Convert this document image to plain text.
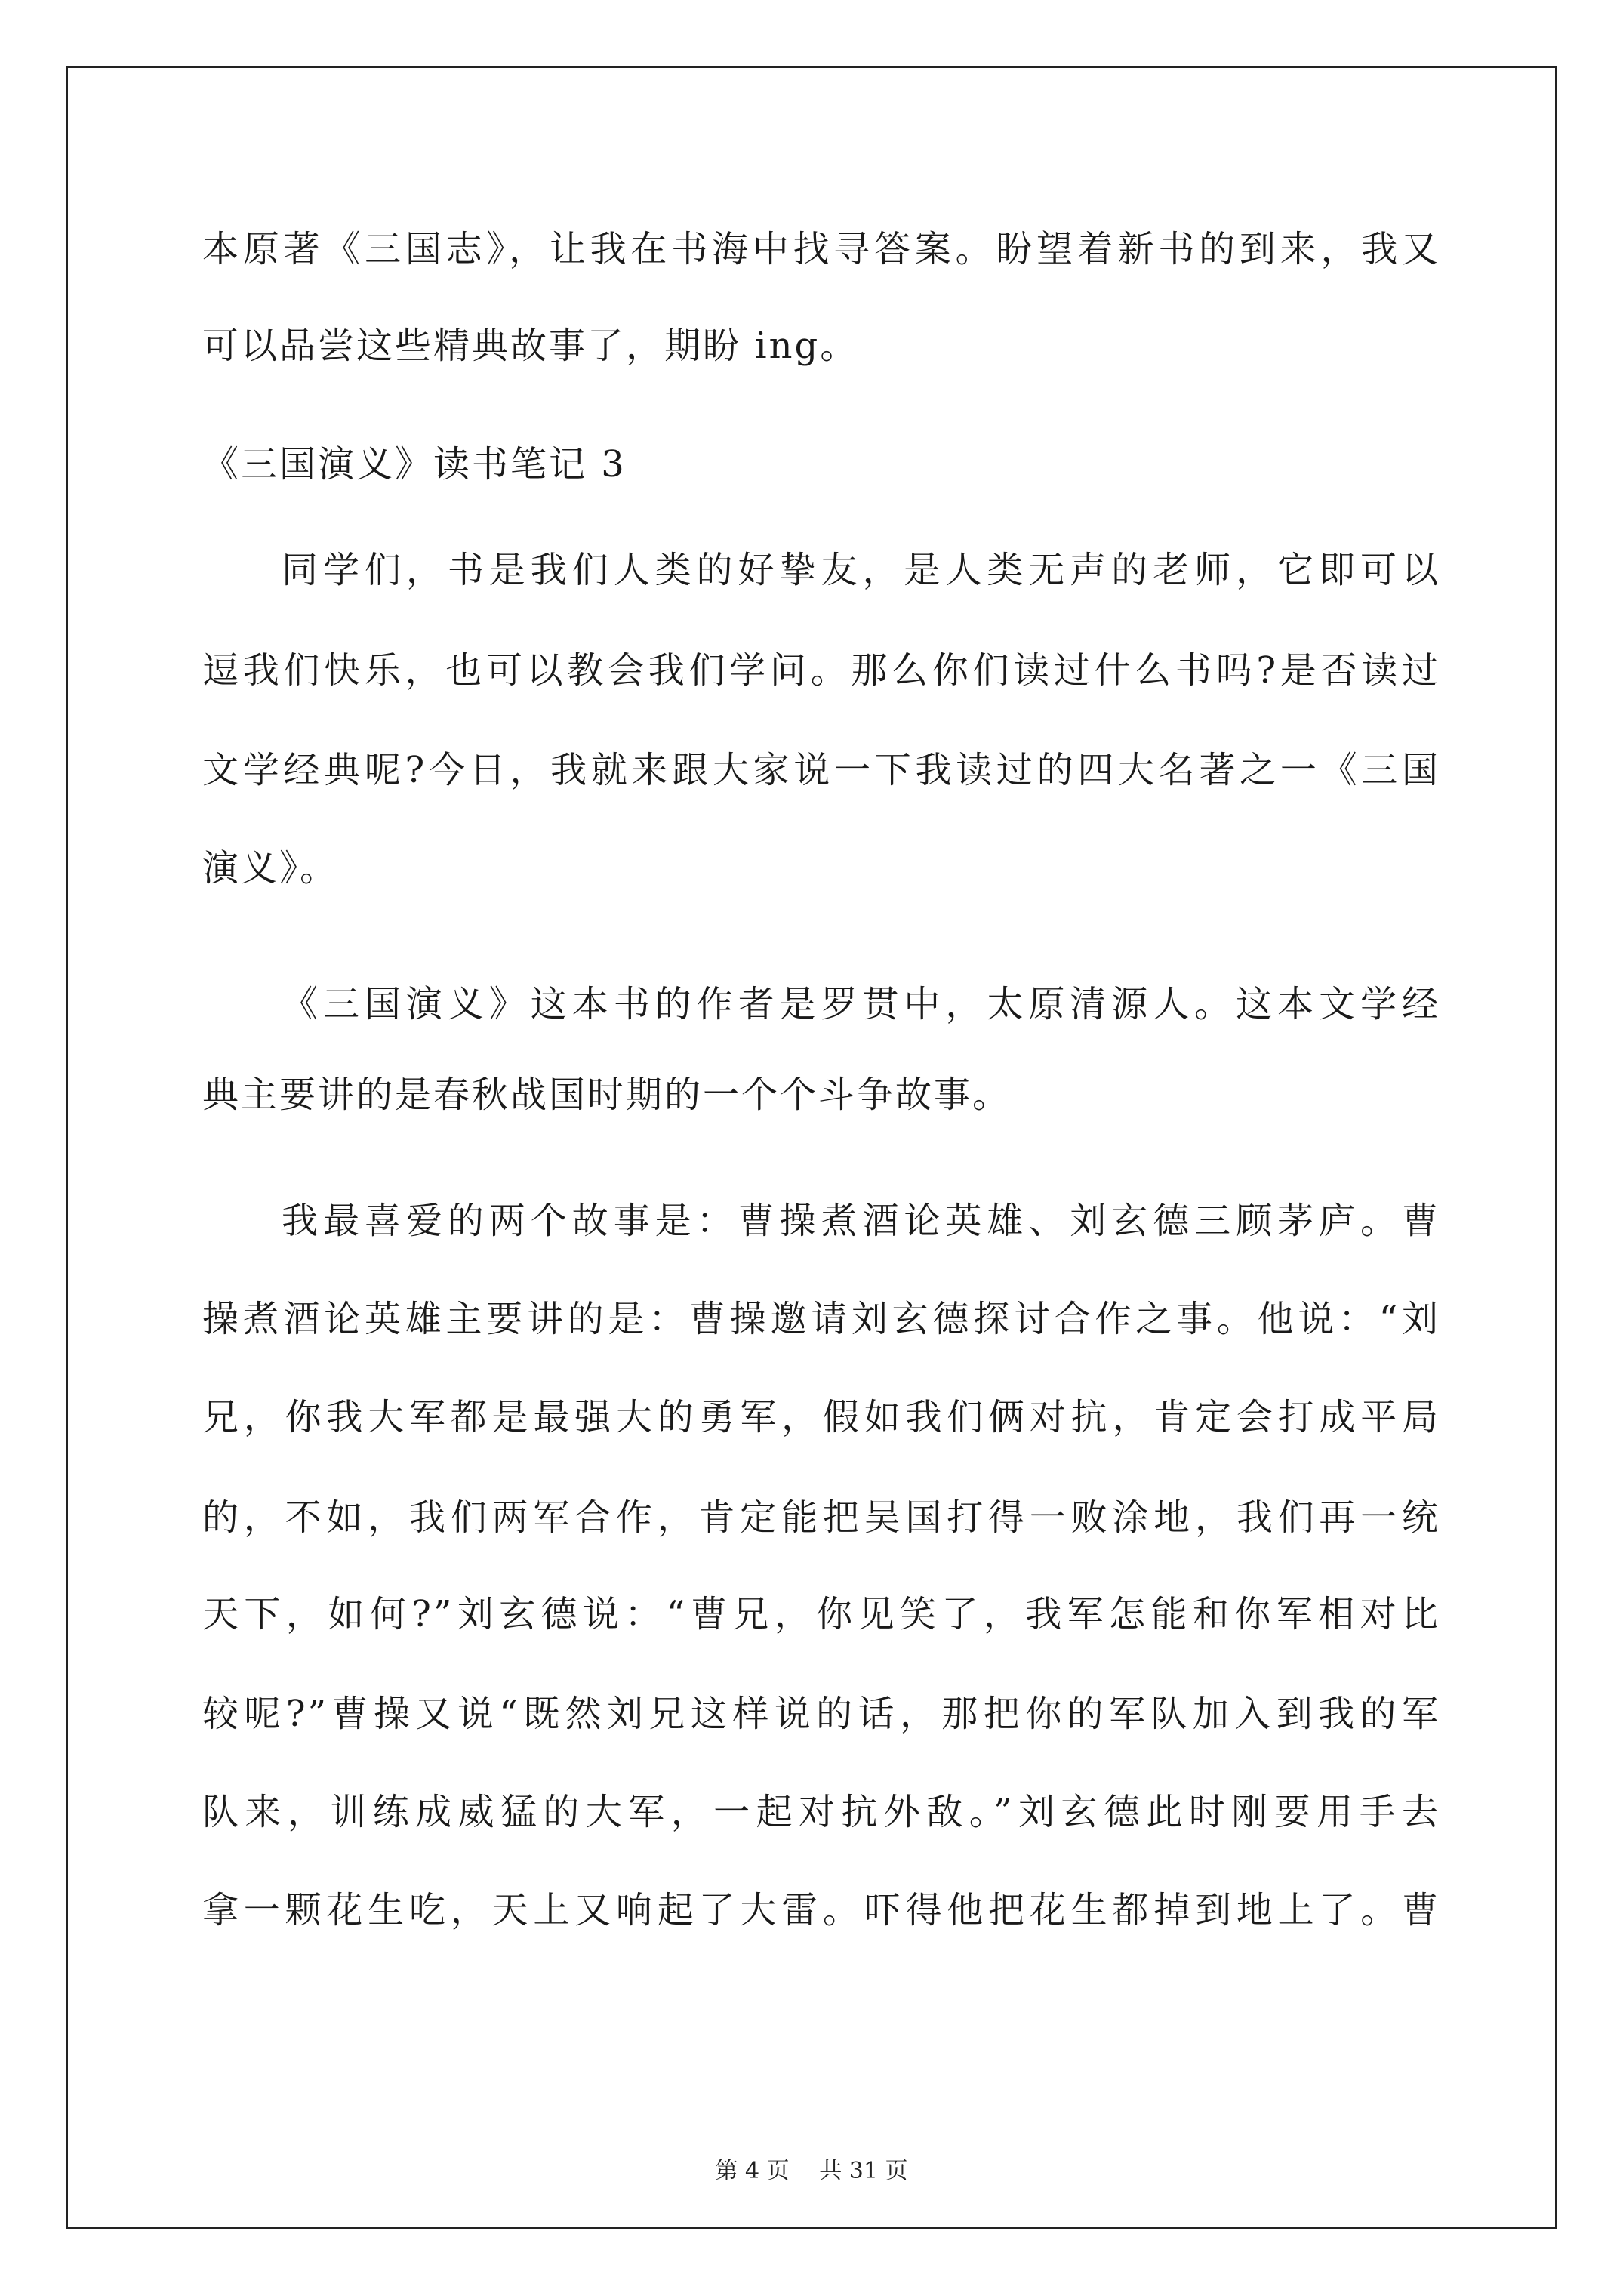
本原著《三国志》，让我在书海中找寻答案。盼望着新书的到来，我又
可以品尝这些精典故事了，期盼 ing。
《三国演义》读书笔记 3
同学们，书是我们人类的好挚友，是人类无声的老师，它即可以
逗我们快乐，也可以教会我们学问。那么你们读过什么书吗?是否读过
文学经典呢?今日，我就来跟大家说一下我读过的四大名著之一《三国
演义》。
《三国演义》这本书的作者是罗贯中，太原清源人。这本文学经
典主要讲的是春秋战国时期的一个个斗争故事。
我最喜爱的两个故事是：曹操煮酒论英雄、刘玄德三顾茅庐。曹
操煮酒论英雄主要讲的是：曹操邀请刘玄德探讨合作之事。他说：“刘
兄，你我大军都是最强大的勇军，假如我们俩对抗，肯定会打成平局
的，不如，我们两军合作，肯定能把吴国打得一败涂地，我们再一统
天下，如何?”刘玄德说：“曹兄，你见笑了，我军怎能和你军相对比
较呢?”曹操又说“既然刘兄这样说的话，那把你的军队加入到我的军
队来，训练成威猛的大军，一起对抗外敌。”刘玄德此时刚要用手去
拿一颗花生吃，天上又响起了大雷。吓得他把花生都掉到地上了。曹
第 4 页　 共 31 页
